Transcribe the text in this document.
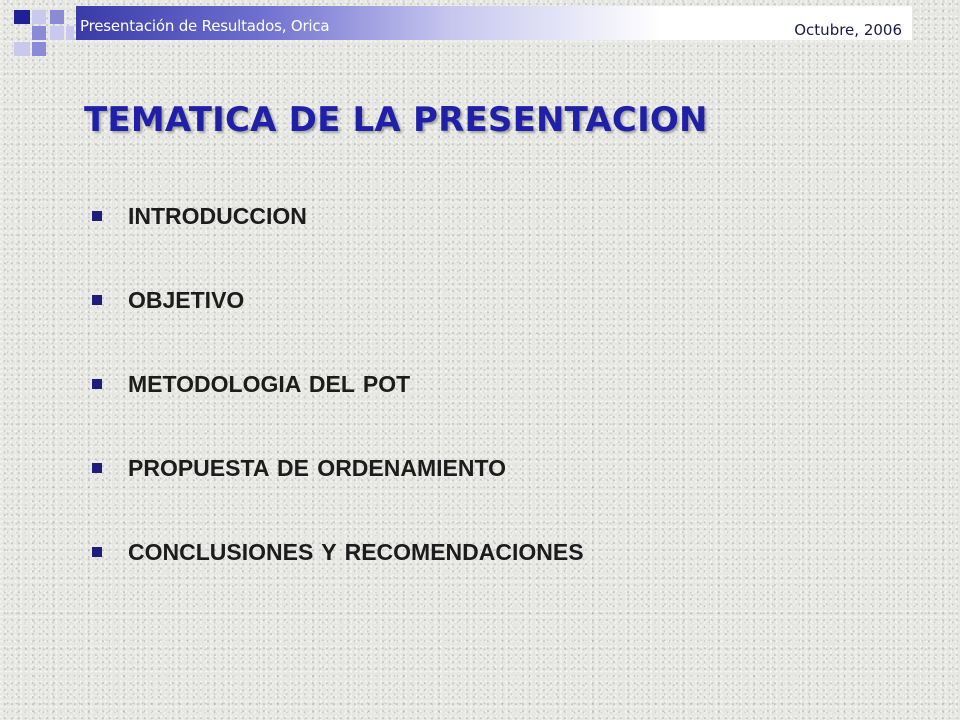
Presentación de Resultados, Orica	Octubre, 2006
TEMATICA DE LA PRESENTACION
INTRODUCCION
OBJETIVO
METODOLOGIA DEL POT
PROPUESTA DE ORDENAMIENTO
CONCLUSIONES Y RECOMENDACIONES
